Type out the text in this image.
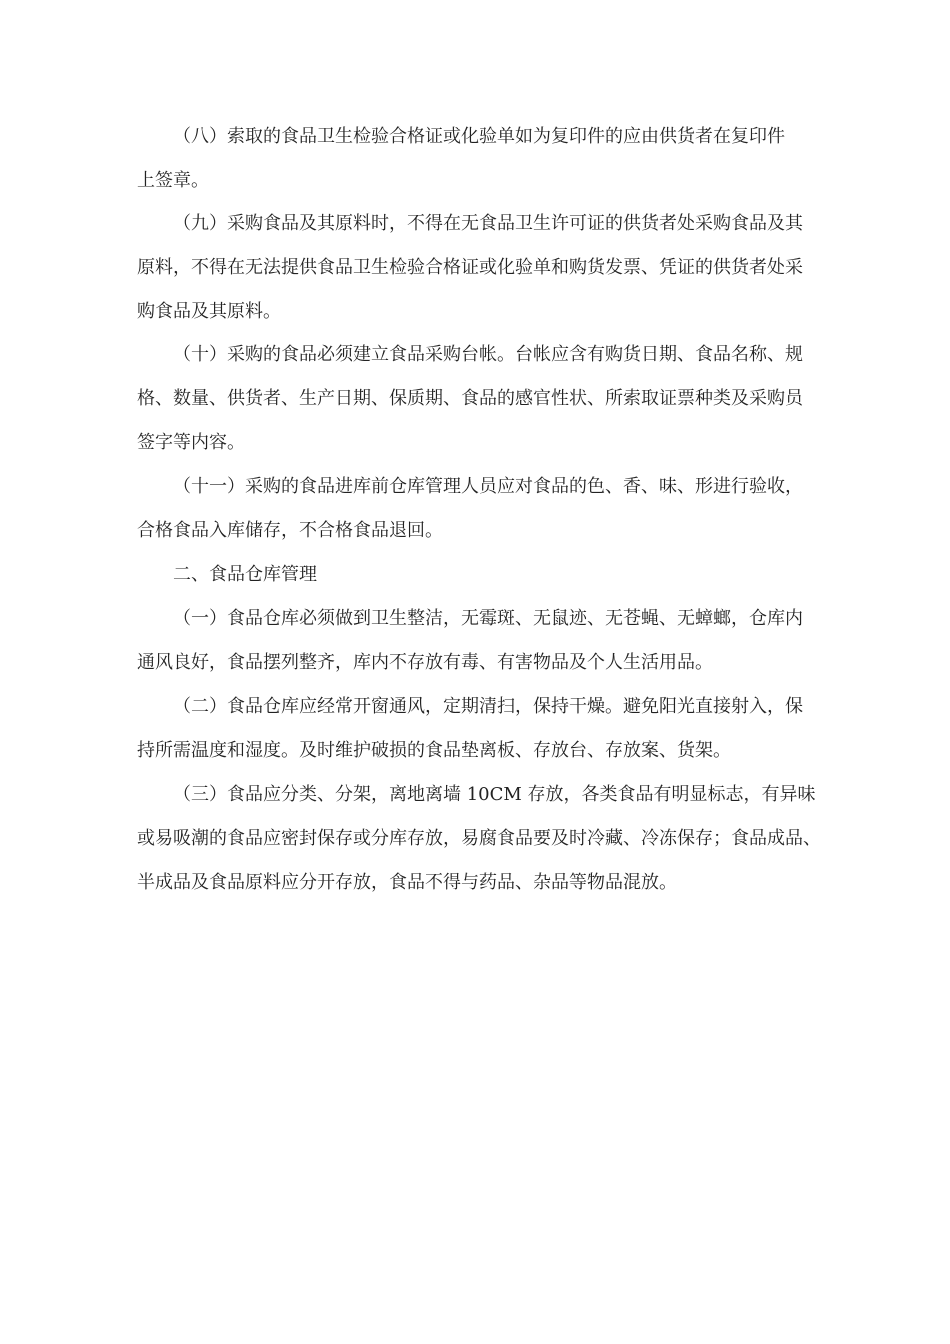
（八）索取的食品卫生检验合格证或化验单如为复印件的应由供货者在复印件
上签章。
（九）采购食品及其原料时，不得在无食品卫生许可证的供货者处采购食品及其
原料，不得在无法提供食品卫生检验合格证或化验单和购货发票、凭证的供货者处采
购食品及其原料。
（十）采购的食品必须建立食品采购台帐。台帐应含有购货日期、食品名称、规
格、数量、供货者、生产日期、保质期、食品的感官性状、所索取证票种类及采购员
签字等内容。
（十一）采购的食品进库前仓库管理人员应对食品的色、香、味、形进行验收，
合格食品入库储存，不合格食品退回。
二、食品仓库管理
（一）食品仓库必须做到卫生整洁，无霉斑、无鼠迹、无苍蝇、无蟑螂，仓库内
通风良好，食品摆列整齐，库内不存放有毒、有害物品及个人生活用品。
（二）食品仓库应经常开窗通风，定期清扫，保持干燥。避免阳光直接射入，保
持所需温度和湿度。及时维护破损的食品垫离板、存放台、存放案、货架。
（三）食品应分类、分架，离地离墙 10CM 存放，各类食品有明显标志，有异味
或易吸潮的食品应密封保存或分库存放，易腐食品要及时冷藏、冷冻保存；食品成品、
半成品及食品原料应分开存放，食品不得与药品、杂品等物品混放。
